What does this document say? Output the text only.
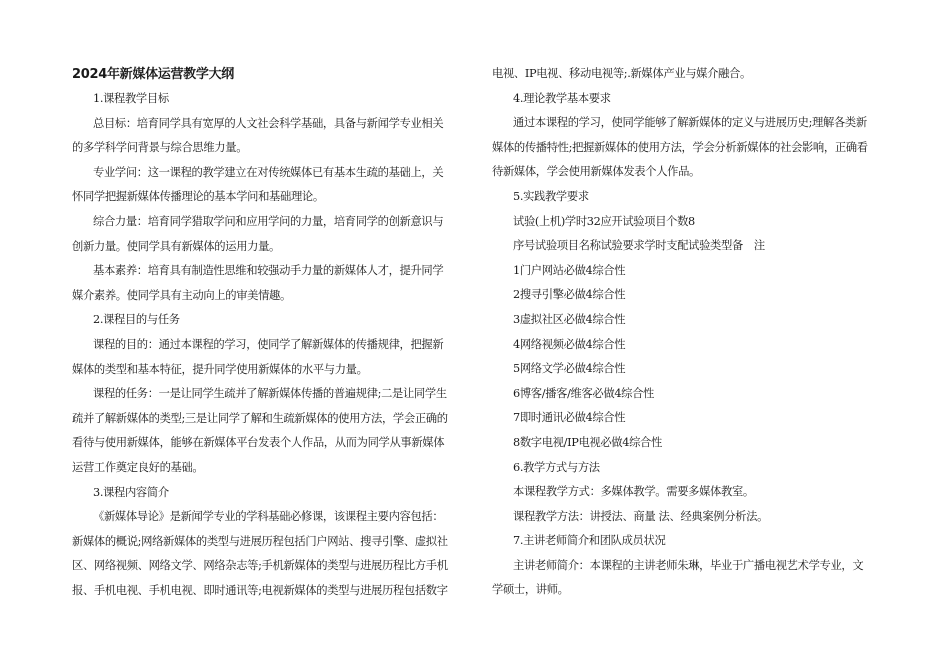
2024年新媒体运营教学大纲
1.课程教学目标
总目标：培育同学具有宽厚的人文社会科学基础，具备与新闻学专业相关
的多学科学问背景与综合思维力量。
专业学问：这一课程的教学建立在对传统媒体已有基本生疏的基础上，关
怀同学把握新媒体传播理论的基本学问和基础理论。
综合力量：培育同学猎取学问和应用学问的力量，培育同学的创新意识与
创新力量。使同学具有新媒体的运用力量。
基本素养：培育具有制造性思维和较强动手力量的新媒体人才，提升同学
媒介素养。使同学具有主动向上的审美情趣。
2.课程目的与任务
课程的目的：通过本课程的学习，使同学了解新媒体的传播规律，把握新
媒体的类型和基本特征，提升同学使用新媒体的水平与力量。
课程的任务：一是让同学生疏并了解新媒体传播的普遍规律;二是让同学生
疏并了解新媒体的类型;三是让同学了解和生疏新媒体的使用方法，学会正确的
看待与使用新媒体，能够在新媒体平台发表个人作品，从而为同学从事新媒体
运营工作奠定良好的基础。
3.课程内容简介
《新媒体导论》是新闻学专业的学科基础必修课，该课程主要内容包括：
新媒体的概说;网络新媒体的类型与进展历程包括门户网站、搜寻引擎、虚拟社
区、网络视频、网络文学、网络杂志等;手机新媒体的类型与进展历程比方手机
报、手机电视、手机电视、即时通讯等;电视新媒体的类型与进展历程包括数字
电视、IP电视、移动电视等;.新媒体产业与媒介融合。
4.理论教学基本要求
通过本课程的学习，使同学能够了解新媒体的定义与进展历史;理解各类新
媒体的传播特性;把握新媒体的使用方法，学会分析新媒体的社会影响，正确看
待新媒体，学会使用新媒体发表个人作品。
5.实践教学要求
试验(上机)学时32应开试验项目个数8
序号试验项目名称试验要求学时支配试验类型备　注
1门户网站必做4综合性
2搜寻引擎必做4综合性
3虚拟社区必做4综合性
4网络视频必做4综合性
5网络文学必做4综合性
6博客/播客/维客必做4综合性
7即时通讯必做4综合性
8数字电视/IP电视必做4综合性
6.教学方式与方法
本课程教学方式：多媒体教学。需要多媒体教室。
课程教学方法：讲授法、商量 法、经典案例分析法。
7.主讲老师简介和团队成员状况
主讲老师简介：本课程的主讲老师朱琳，毕业于广播电视艺术学专业，文
学硕士，讲师。
